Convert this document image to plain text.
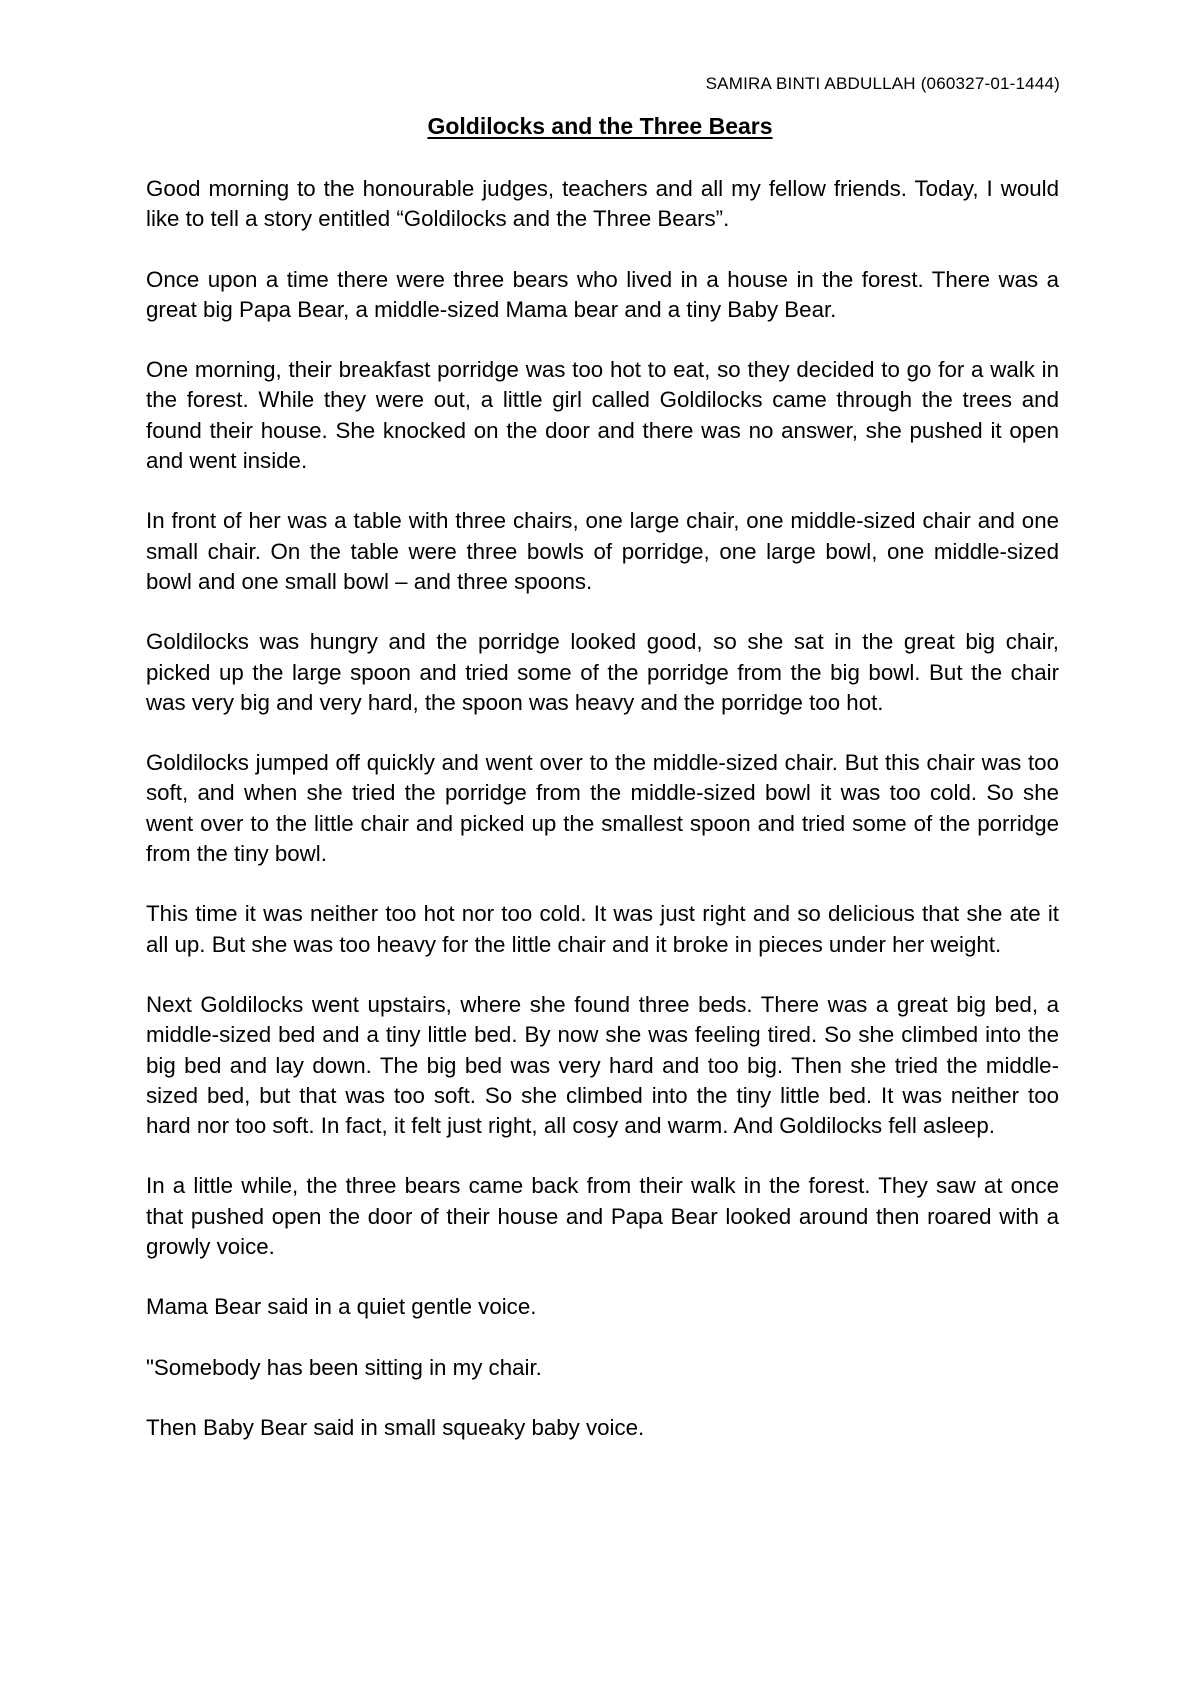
SAMIRA BINTI ABDULLAH (060327-01-1444)
Goldilocks and the Three Bears

Good morning to the honourable judges, teachers and all my fellow friends. Today, I would like to tell a story entitled “Goldilocks and the Three Bears”.

Once upon a time there were three bears who lived in a house in the forest. There was a great big Papa Bear, a middle-sized Mama bear and a tiny Baby Bear.

One morning, their breakfast porridge was too hot to eat, so they decided to go for a walk in the forest. While they were out, a little girl called Goldilocks came through the trees and found their house. She knocked on the door and there was no answer, she pushed it open and went inside.

In front of her was a table with three chairs, one large chair, one middle-sized chair and one small chair. On the table were three bowls of porridge, one large bowl, one middle-sized bowl and one small bowl – and three spoons.

Goldilocks was hungry and the porridge looked good, so she sat in the great big chair, picked up the large spoon and tried some of the porridge from the big bowl. But the chair was very big and very hard, the spoon was heavy and the porridge too hot.

Goldilocks jumped off quickly and went over to the middle-sized chair. But this chair was too soft, and when she tried the porridge from the middle-sized bowl it was too cold. So she went over to the little chair and picked up the smallest spoon and tried some of the porridge from the tiny bowl.

This time it was neither too hot nor too cold. It was just right and so delicious that she ate it all up. But she was too heavy for the little chair and it broke in pieces under her weight.

Next Goldilocks went upstairs, where she found three beds. There was a great big bed, a middle-sized bed and a tiny little bed. By now she was feeling tired. So she climbed into the big bed and lay down. The big bed was very hard and too big. Then she tried the middle-sized bed, but that was too soft. So she climbed into the tiny little bed. It was neither too hard nor too soft. In fact, it felt just right, all cosy and warm. And Goldilocks fell asleep.

In a little while, the three bears came back from their walk in the forest. They saw at once that pushed open the door of their house and Papa Bear looked around then roared with a growly voice.

Mama Bear said in a quiet gentle voice.

"Somebody has been sitting in my chair.

Then Baby Bear said in small squeaky baby voice.
